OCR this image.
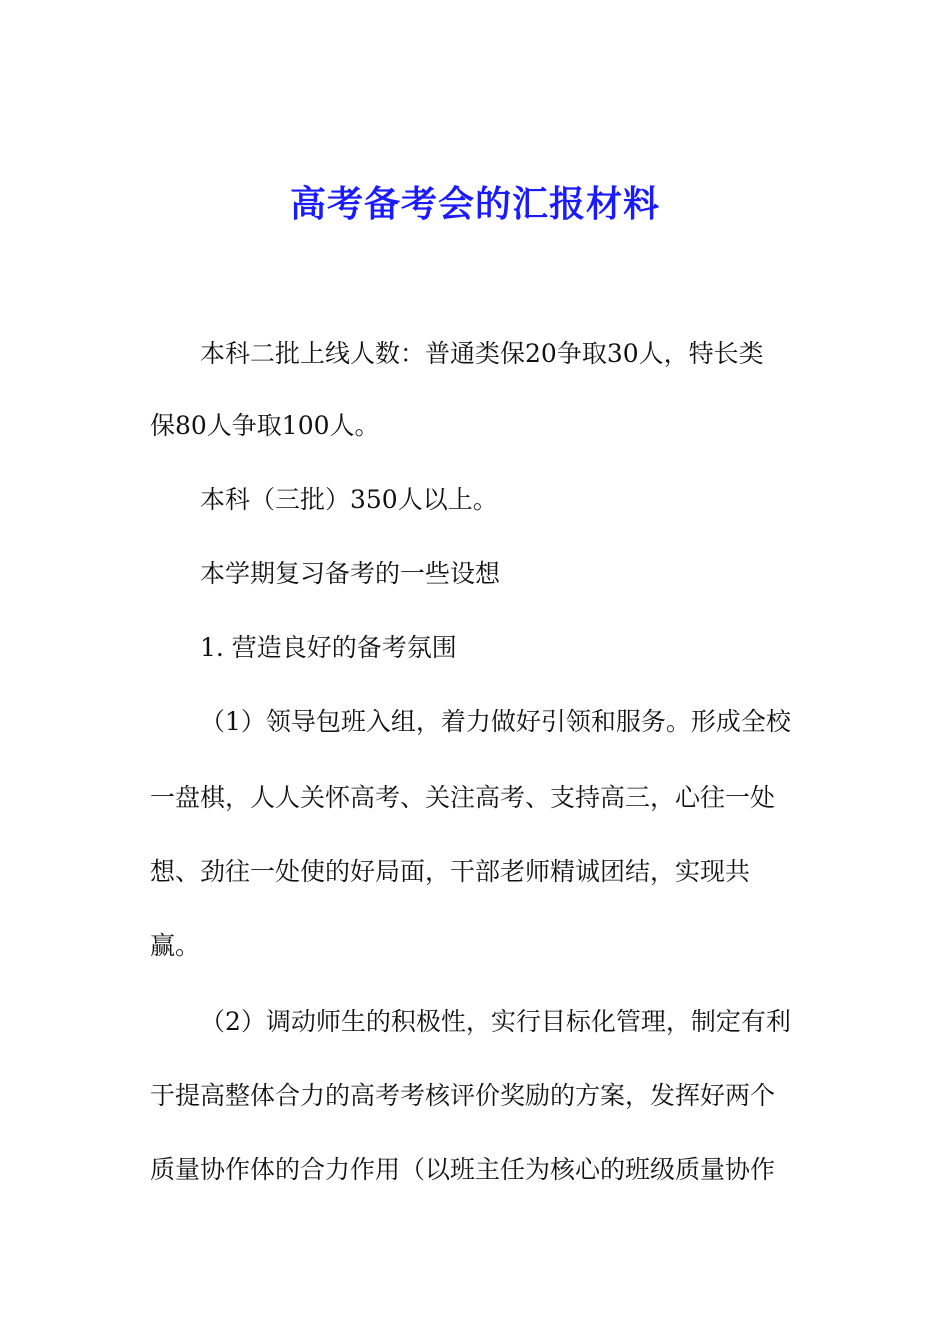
高考备考会的汇报材料
本科二批上线人数：普通类保20争取30人，特长类
保80人争取100人。
本科（三批）350人以上。
本学期复习备考的一些设想
1. 营造良好的备考氛围
（1）领导包班入组，着力做好引领和服务。形成全校
一盘棋，人人关怀高考、关注高考、支持高三，心往一处
想、劲往一处使的好局面，干部老师精诚团结，实现共
赢。
（2）调动师生的积极性，实行目标化管理，制定有利
于提高整体合力的高考考核评价奖励的方案，发挥好两个
质量协作体的合力作用（以班主任为核心的班级质量协作
